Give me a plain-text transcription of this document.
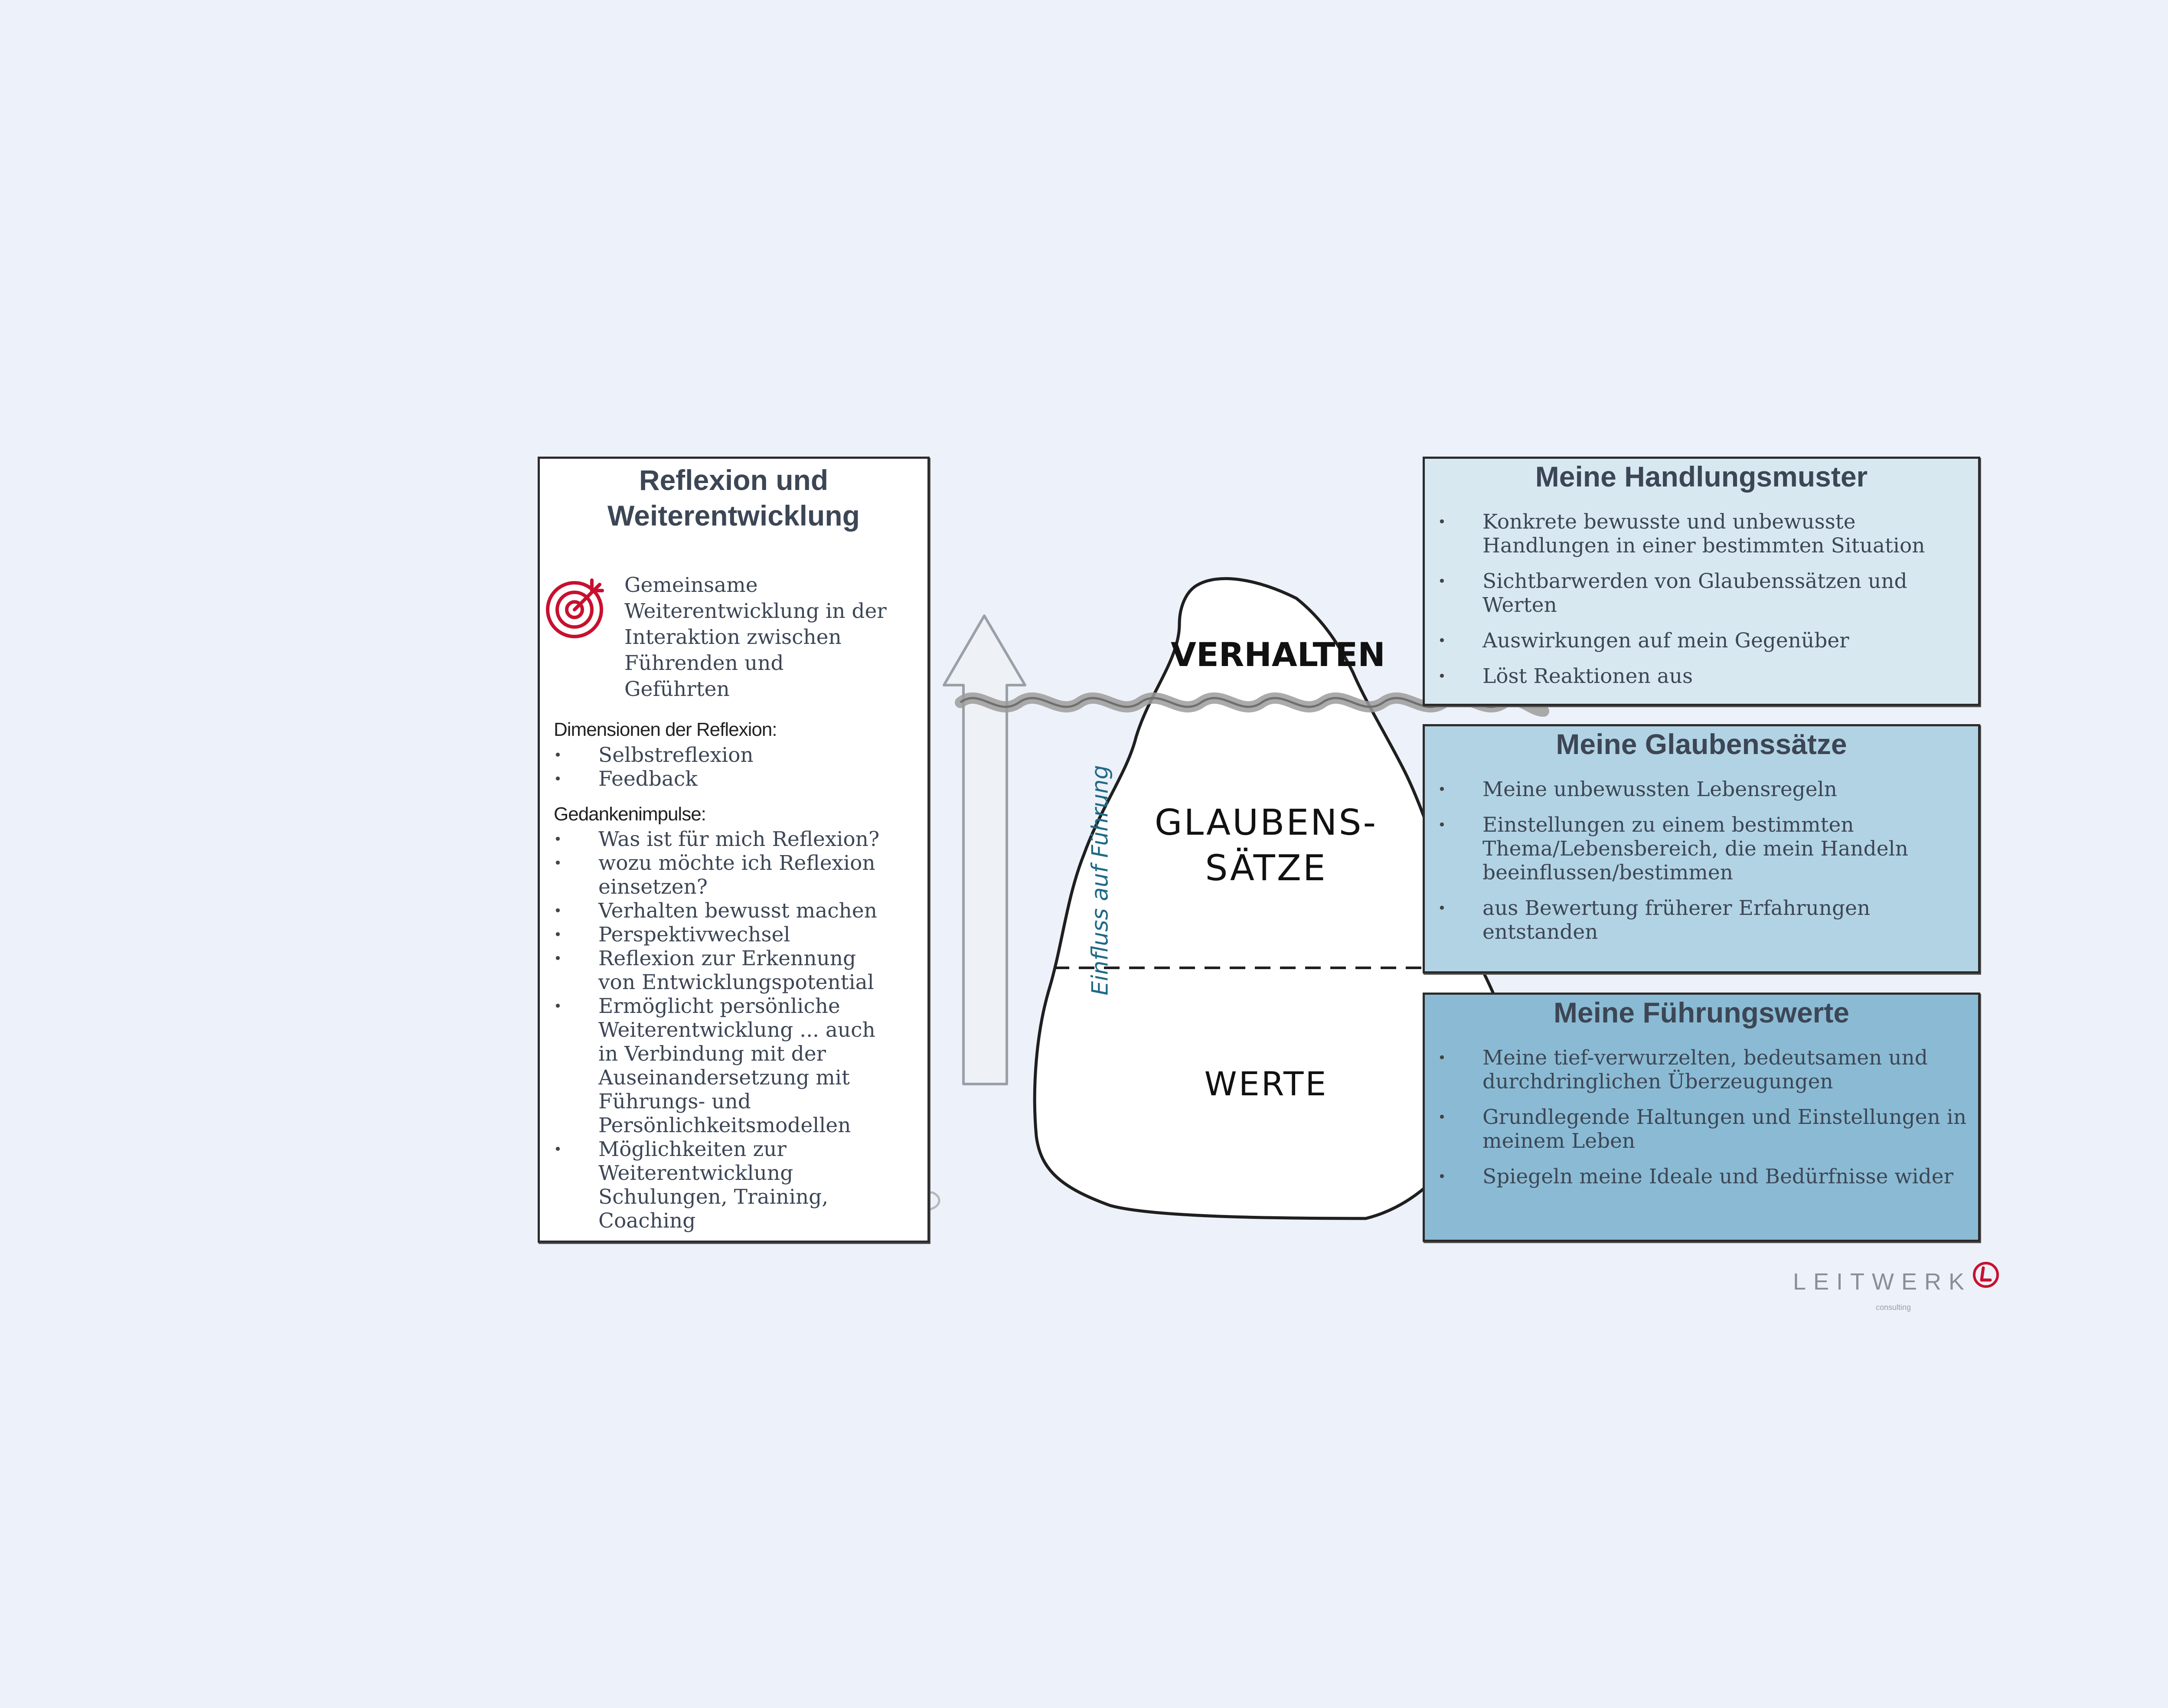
Reflexion und
Weiterentwicklung
Gemeinsame Weiterentwicklung in der Interaktion zwischen Führenden und Geführten
Dimensionen der Reflexion:
• Selbstreflexion
• Feedback
Gedankenimpulse:
• Was ist für mich Reflexion?
• wozu möchte ich Reflexion einsetzen?
• Verhalten bewusst machen
• Perspektivwechsel
• Reflexion zur Erkennung von Entwicklungspotential
• Ermöglicht persönliche Weiterentwicklung ... auch in Verbindung mit der Auseinandersetzung mit Führungs- und Persönlichkeitsmodellen
• Möglichkeiten zur Weiterentwicklung Schulungen, Training, Coaching
VERHALTEN
GLAUBENS-
SÄTZE
WERTE
Einfluss auf Führung
Meine Handlungsmuster
• Konkrete bewusste und unbewusste Handlungen in einer bestimmten Situation
• Sichtbarwerden von Glaubenssätzen und Werten
• Auswirkungen auf mein Gegenüber
• Löst Reaktionen aus
Meine Glaubenssätze
• Meine unbewussten Lebensregeln
• Einstellungen zu einem bestimmten Thema/Lebensbereich, die mein Handeln beeinflussen/bestimmen
• aus Bewertung früherer Erfahrungen entstanden
Meine Führungswerte
• Meine tief-verwurzelten, bedeutsamen und durchdringlichen Überzeugungen
• Grundlegende Haltungen und Einstellungen in meinem Leben
• Spiegeln meine Ideale und Bedürfnisse wider
LEITWERK
consulting
